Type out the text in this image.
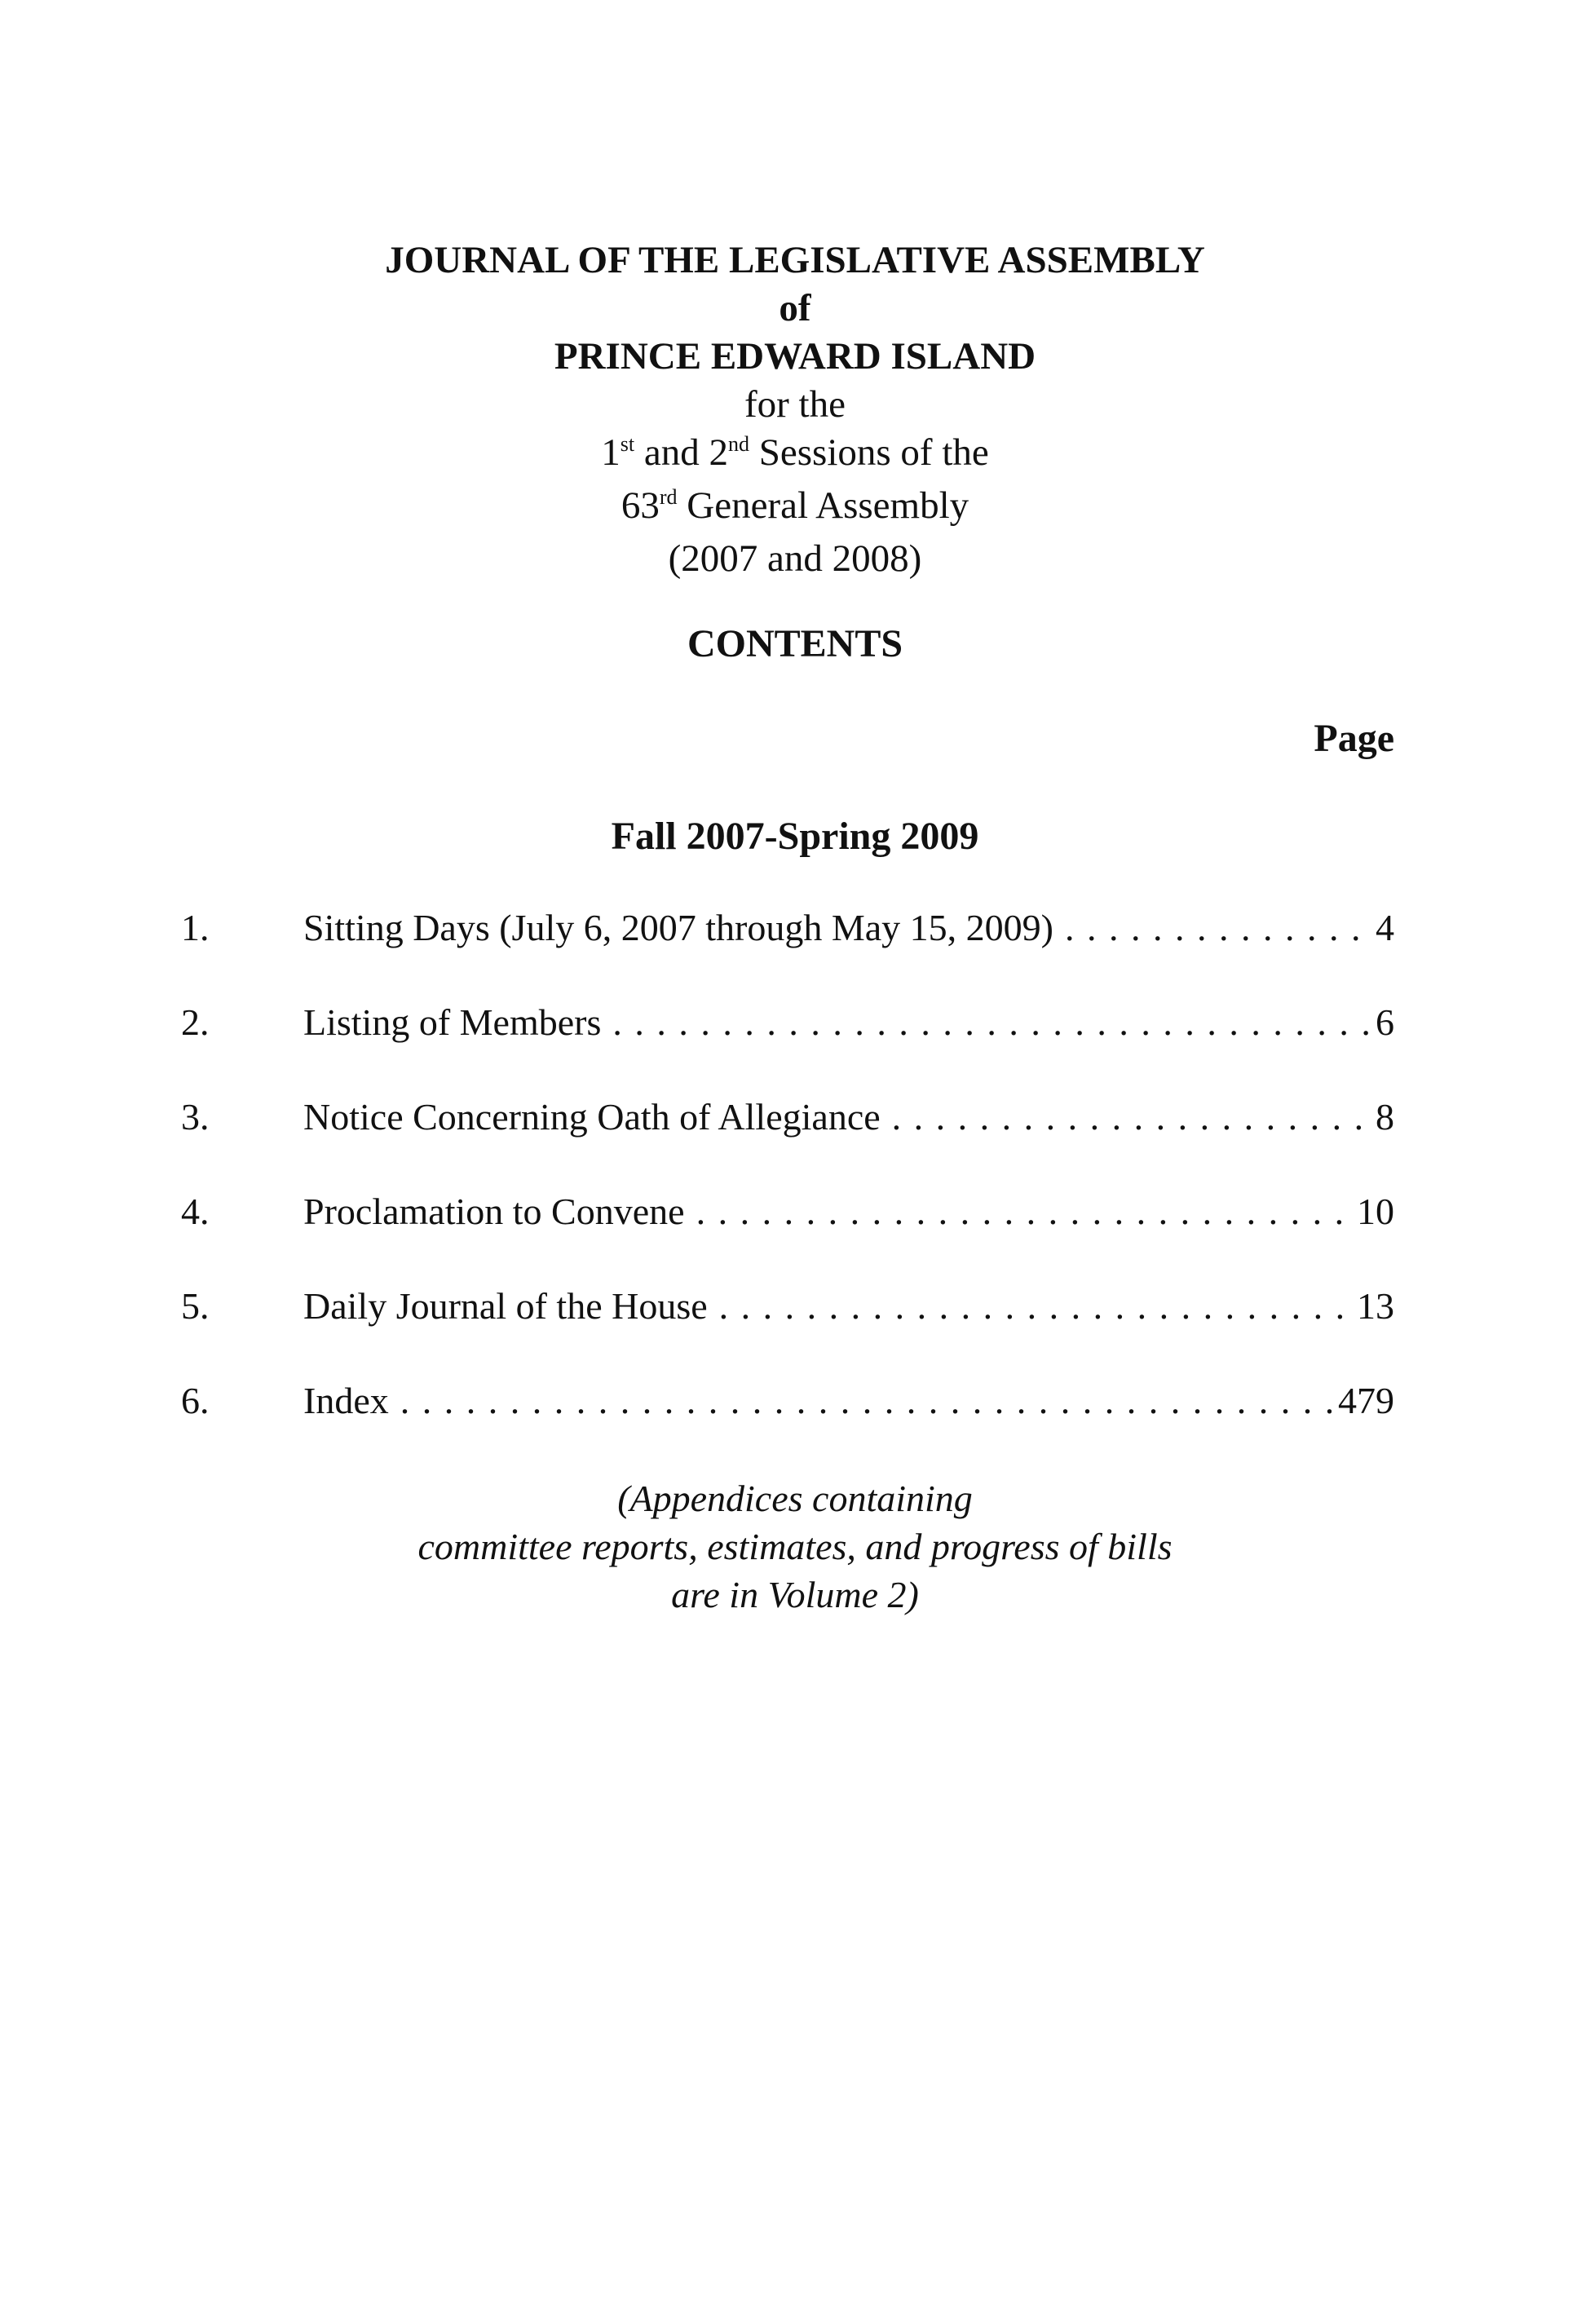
JOURNAL OF THE LEGISLATIVE ASSEMBLY
of
PRINCE EDWARD ISLAND
for the
1st and 2nd Sessions of the
63rd General Assembly
(2007 and 2008)
CONTENTS
Page
Fall 2007-Spring 2009
1.	Sitting Days (July 6, 2007 through May 15, 2009) . . .	4
2.	Listing of Members . . .	6
3.	Notice Concerning Oath of Allegiance . . .	8
4.	Proclamation to Convene . . .	10
5.	Daily Journal of the House . . .	13
6.	Index . . .	479
(Appendices containing
committee reports, estimates, and progress of bills
are in Volume 2)
